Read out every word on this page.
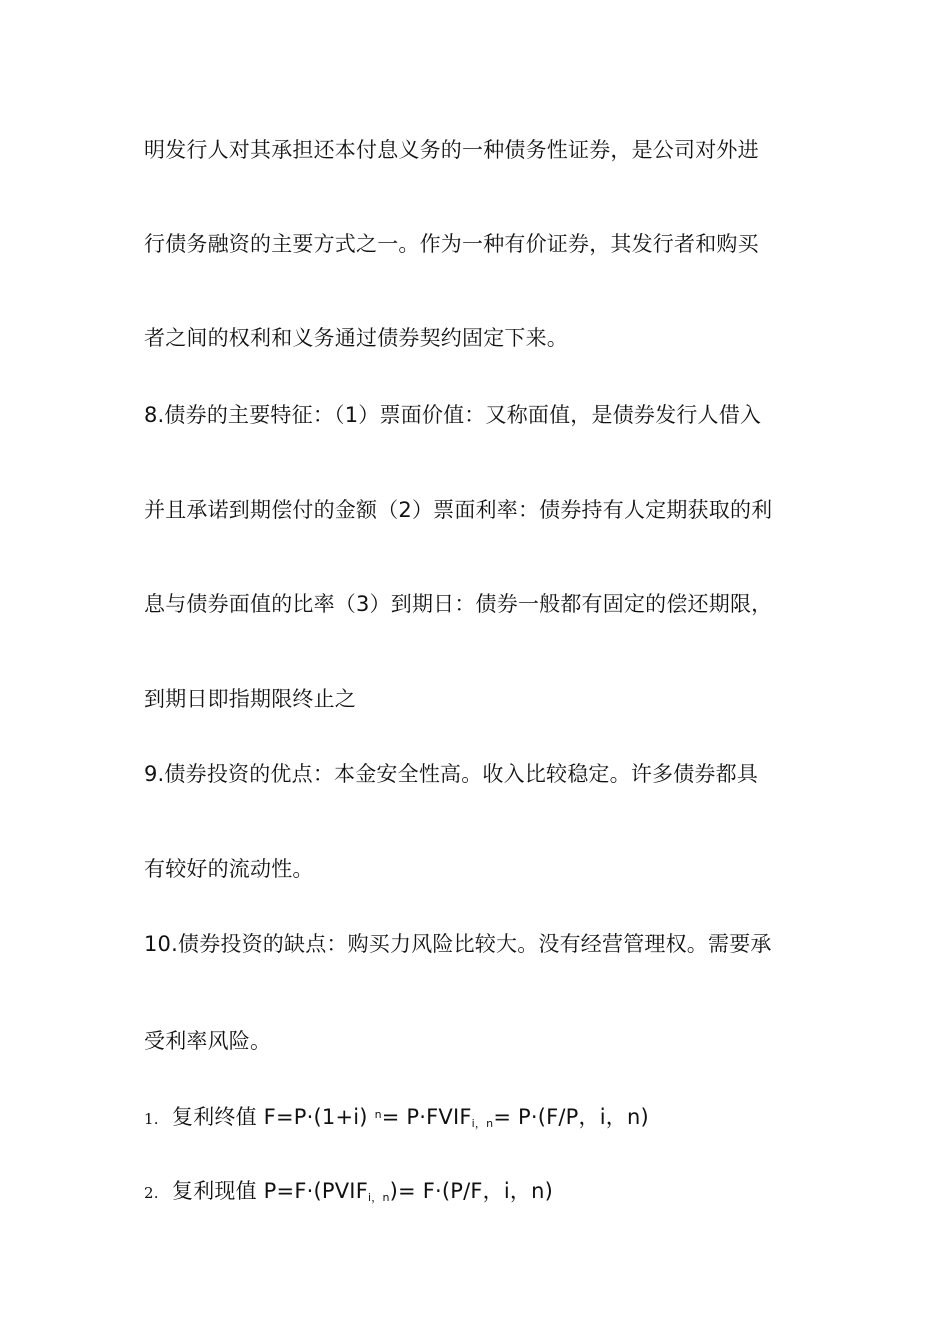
明发行人对其承担还本付息义务的一种债务性证券，是公司对外进
行债务融资的主要方式之一。作为一种有价证券，其发行者和购买
者之间的权利和义务通过债券契约固定下来。
8.债券的主要特征：（1）票面价值：又称面值，是债券发行人借入
并且承诺到期偿付的金额（2）票面利率：债券持有人定期获取的利
息与债券面值的比率（3）到期日：债券一般都有固定的偿还期限，
到期日即指期限终止之
9.债券投资的优点：本金安全性高。收入比较稳定。许多债券都具
有较好的流动性。
10.债券投资的缺点：购买力风险比较大。没有经营管理权。需要承
受利率风险。
1. 复利终值 F=P·(1+i) $^n= P\cdot FVIF_{i,n}= P\cdot(F/P$，i，n)
2. 复利现值 $P=F\cdot(PVIF_{i,n})= F\cdot(P/F$，i，n)
